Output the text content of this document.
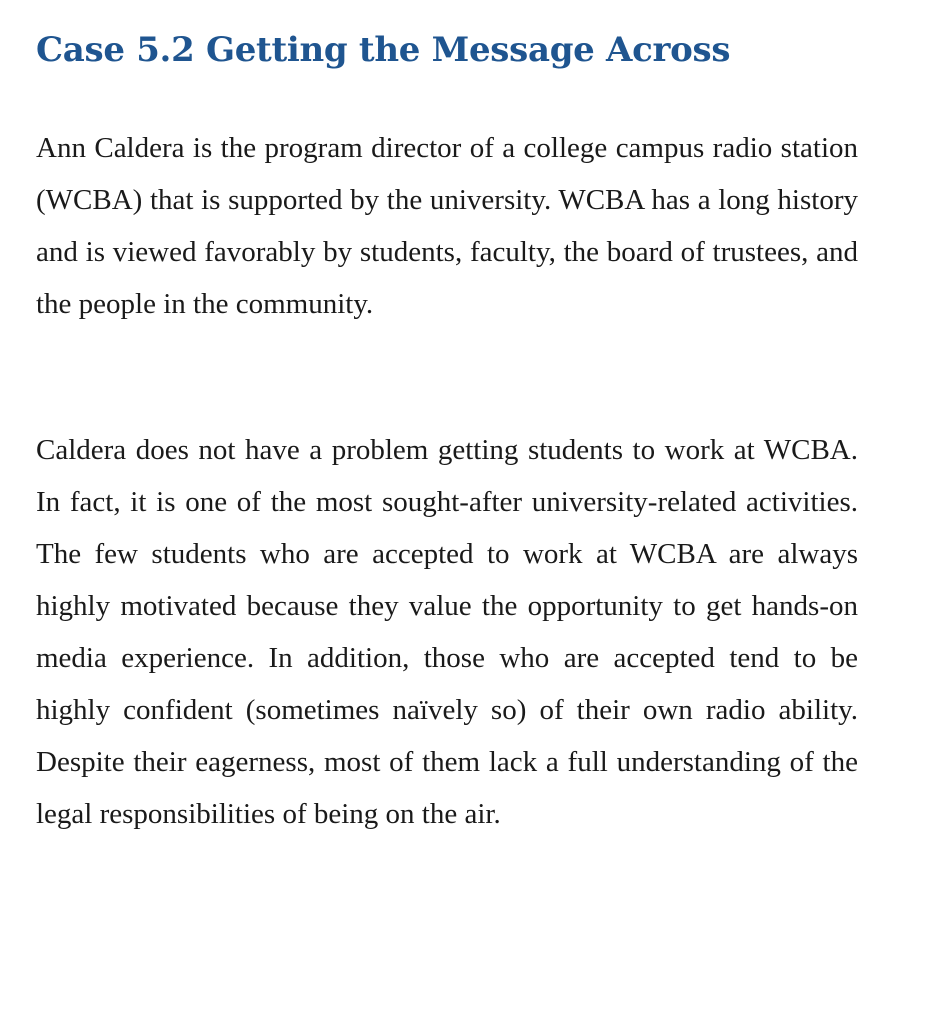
Case 5.2 Getting the Message Across

Ann Caldera is the program director of a college campus radio station (WCBA) that is supported by the university. WCBA has a long history and is viewed favorably by students, faculty, the board of trustees, and the people in the community.

Caldera does not have a problem getting students to work at WCBA. In fact, it is one of the most sought-after university-related activities. The few students who are accepted to work at WCBA are always highly motivated because they value the opportunity to get hands-on media experience. In addition, those who are accepted tend to be highly confident (sometimes naïvely so) of their own radio ability. Despite their eagerness, most of them lack a full understanding of the legal responsibilities of being on the air.
